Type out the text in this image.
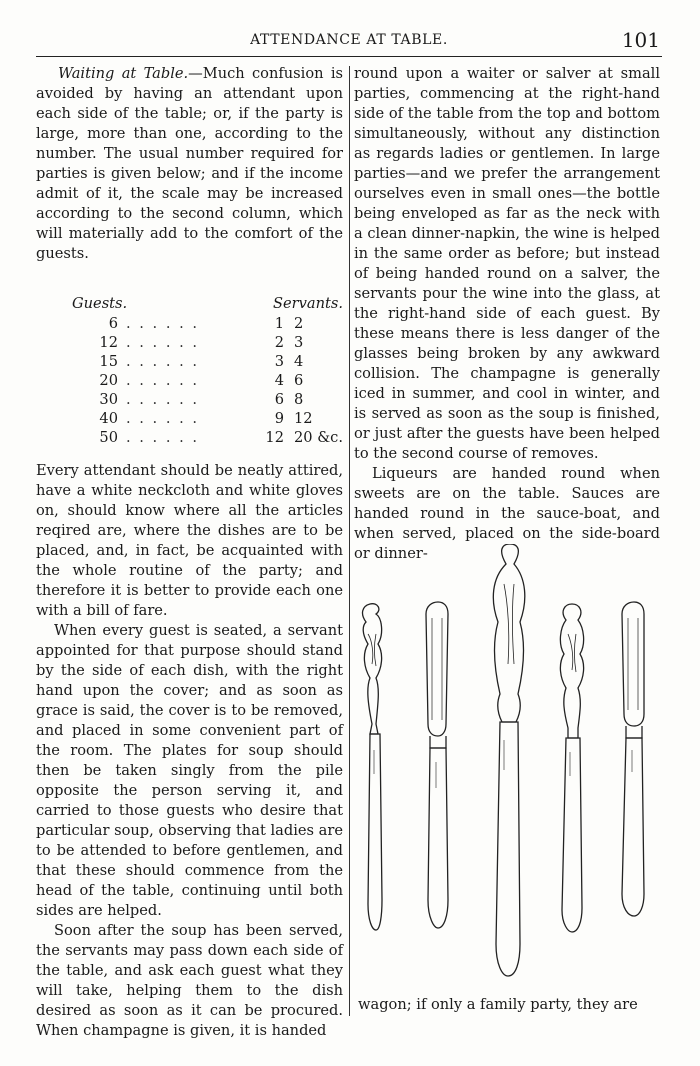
ATTENDANCE AT TABLE.	101

Waiting at Table.—Much confusion is avoided by having an attendant upon each side of the table; or, if the party is large, more than one, according to the number. The usual number required for parties is given below; and if the income admit of it, the scale may be increased according to the second column, which will materially add to the comfort of the guests.

Guests.		Servants.	
6	. . . . . .	1	2
12	. . . . . .	2	3
15	. . . . . .	3	4
20	. . . . . .	4	6
30	. . . . . .	6	8
40	. . . . . .	9	12
50	. . . . . .	12	20 &c.

Every attendant should be neatly attired, have a white neckcloth and white gloves on, should know where all the articles reqired are, where the dishes are to be placed, and, in fact, be acquainted with the whole routine of the party; and therefore it is better to provide each one with a bill of fare.

When every guest is seated, a servant appointed for that purpose should stand by the side of each dish, with the right hand upon the cover; and as soon as grace is said, the cover is to be removed, and placed in some convenient part of the room. The plates for soup should then be taken singly from the pile opposite the person serving it, and carried to those guests who desire that particular soup, observing that ladies are to be attended to before gentlemen, and that these should commence from the head of the table, continuing until both sides are helped.

Soon after the soup has been served, the servants may pass down each side of the table, and ask each guest what they will take, helping them to the dish desired as soon as it can be procured. When champagne is given, it is handed

round upon a waiter or salver at small parties, commencing at the right-hand side of the table from the top and bottom simultaneously, without any distinction as regards ladies or gentlemen. In large parties—and we prefer the arrangement ourselves even in small ones—the bottle being enveloped as far as the neck with a clean dinner-napkin, the wine is helped in the same order as before; but instead of being handed round on a salver, the servants pour the wine into the glass, at the right-hand side of each guest. By these means there is less danger of the glasses being broken by any awkward collision. The champagne is generally iced in summer, and cool in winter, and is served as soon as the soup is finished, or just after the guests have been helped to the second course of removes.

Liqueurs are handed round when sweets are on the table. Sauces are handed round in the sauce-boat, and when served, placed on the side-board or dinner-

wagon; if only a family party, they are
